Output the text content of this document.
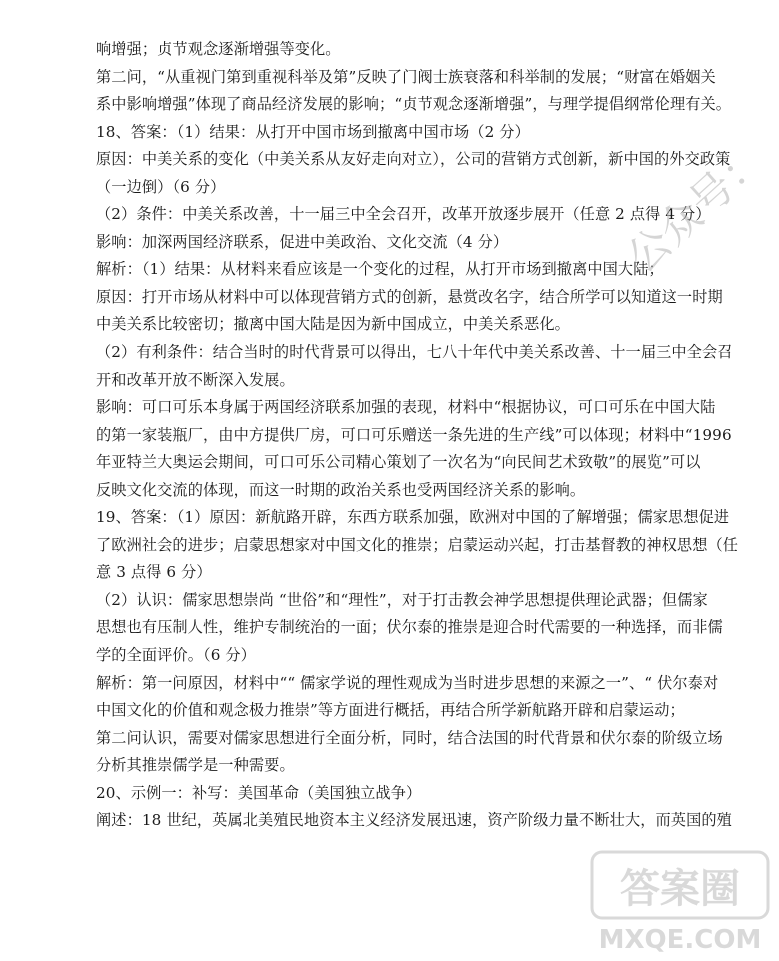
响增强；贞节观念逐渐增强等变化。
第二问，“从重视门第到重视科举及第”反映了门阀士族衰落和科举制的发展；“财富在婚姻关
系中影响增强”体现了商品经济发展的影响；“贞节观念逐渐增强”，与理学提倡纲常伦理有关。
18、答案：（1）结果：从打开中国市场到撤离中国市场（2 分）
原因：中美关系的变化（中美关系从友好走向对立），公司的营销方式创新，新中国的外交政策
（一边倒）（6 分）
（2）条件：中美关系改善，十一届三中全会召开，改革开放逐步展开（任意 2 点得 4 分）
影响：加深两国经济联系，促进中美政治、文化交流（4 分）
解析：（1）结果：从材料来看应该是一个变化的过程，从打开市场到撤离中国大陆；
原因：打开市场从材料中可以体现营销方式的创新，悬赏改名字，结合所学可以知道这一时期
中美关系比较密切；撤离中国大陆是因为新中国成立，中美关系恶化。
（2）有利条件：结合当时的时代背景可以得出，七八十年代中美关系改善、十一届三中全会召
开和改革开放不断深入发展。
影响：可口可乐本身属于两国经济联系加强的表现，材料中“根据协议，可口可乐在中国大陆
的第一家装瓶厂，由中方提供厂房，可口可乐赠送一条先进的生产线”可以体现；材料中“1996
年亚特兰大奥运会期间，可口可乐公司精心策划了一次名为“向民间艺术致敬”的展览”可以
反映文化交流的体现，而这一时期的政治关系也受两国经济关系的影响。
19、答案：（1）原因：新航路开辟，东西方联系加强，欧洲对中国的了解增强；儒家思想促进
了欧洲社会的进步；启蒙思想家对中国文化的推崇；启蒙运动兴起，打击基督教的神权思想（任
意 3 点得 6 分）
（2）认识：儒家思想崇尚 “世俗”和“理性”，对于打击教会神学思想提供理论武器；但儒家
思想也有压制人性，维护专制统治的一面；伏尔泰的推崇是迎合时代需要的一种选择，而非儒
学的全面评价。（6 分）
解析：第一问原因，材料中““ 儒家学说的理性观成为当时进步思想的来源之一”、“ 伏尔泰对
中国文化的价值和观念极力推崇”等方面进行概括，再结合所学新航路开辟和启蒙运动；
第二问认识，需要对儒家思想进行全面分析，同时，结合法国的时代背景和伏尔泰的阶级立场
分析其推崇儒学是一种需要。
20、示例一：补写：美国革命（美国独立战争）
阐述：18 世纪，英属北美殖民地资本主义经济发展迅速，资产阶级力量不断壮大，而英国的殖
公众号：
答案圈
MXQE.COM
